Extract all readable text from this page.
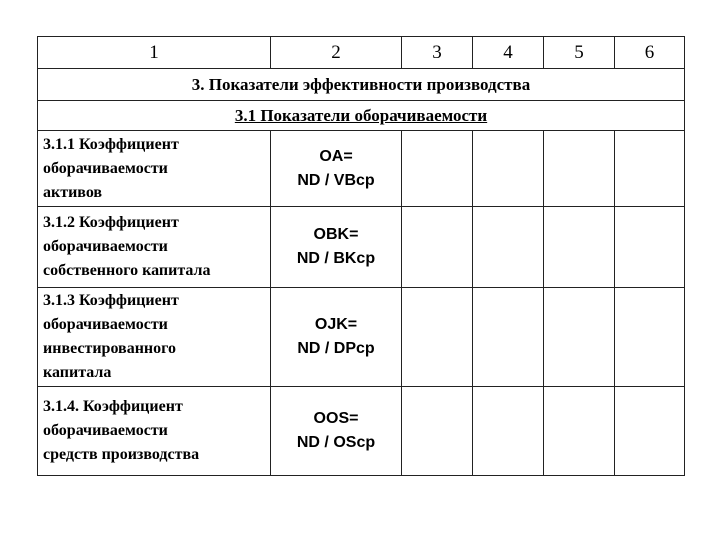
1	2	3	4	5	6
3. Показатели эффективности производства					
3.1 Показатели оборачиваемости					

3.1.1 Коэффициент
оборачиваемости
активов	OA=
ND / VBcp				

3.1.2 Коэффициент
оборачиваемости
собственного капитала	OBK=
ND / BKcp				

3.1.3 Коэффициент
оборачиваемости
инвестированного
капитала	OJK=
ND / DPcp				

3.1.4. Коэффициент
оборачиваемости
средств производства	OOS=
ND / OScp				
